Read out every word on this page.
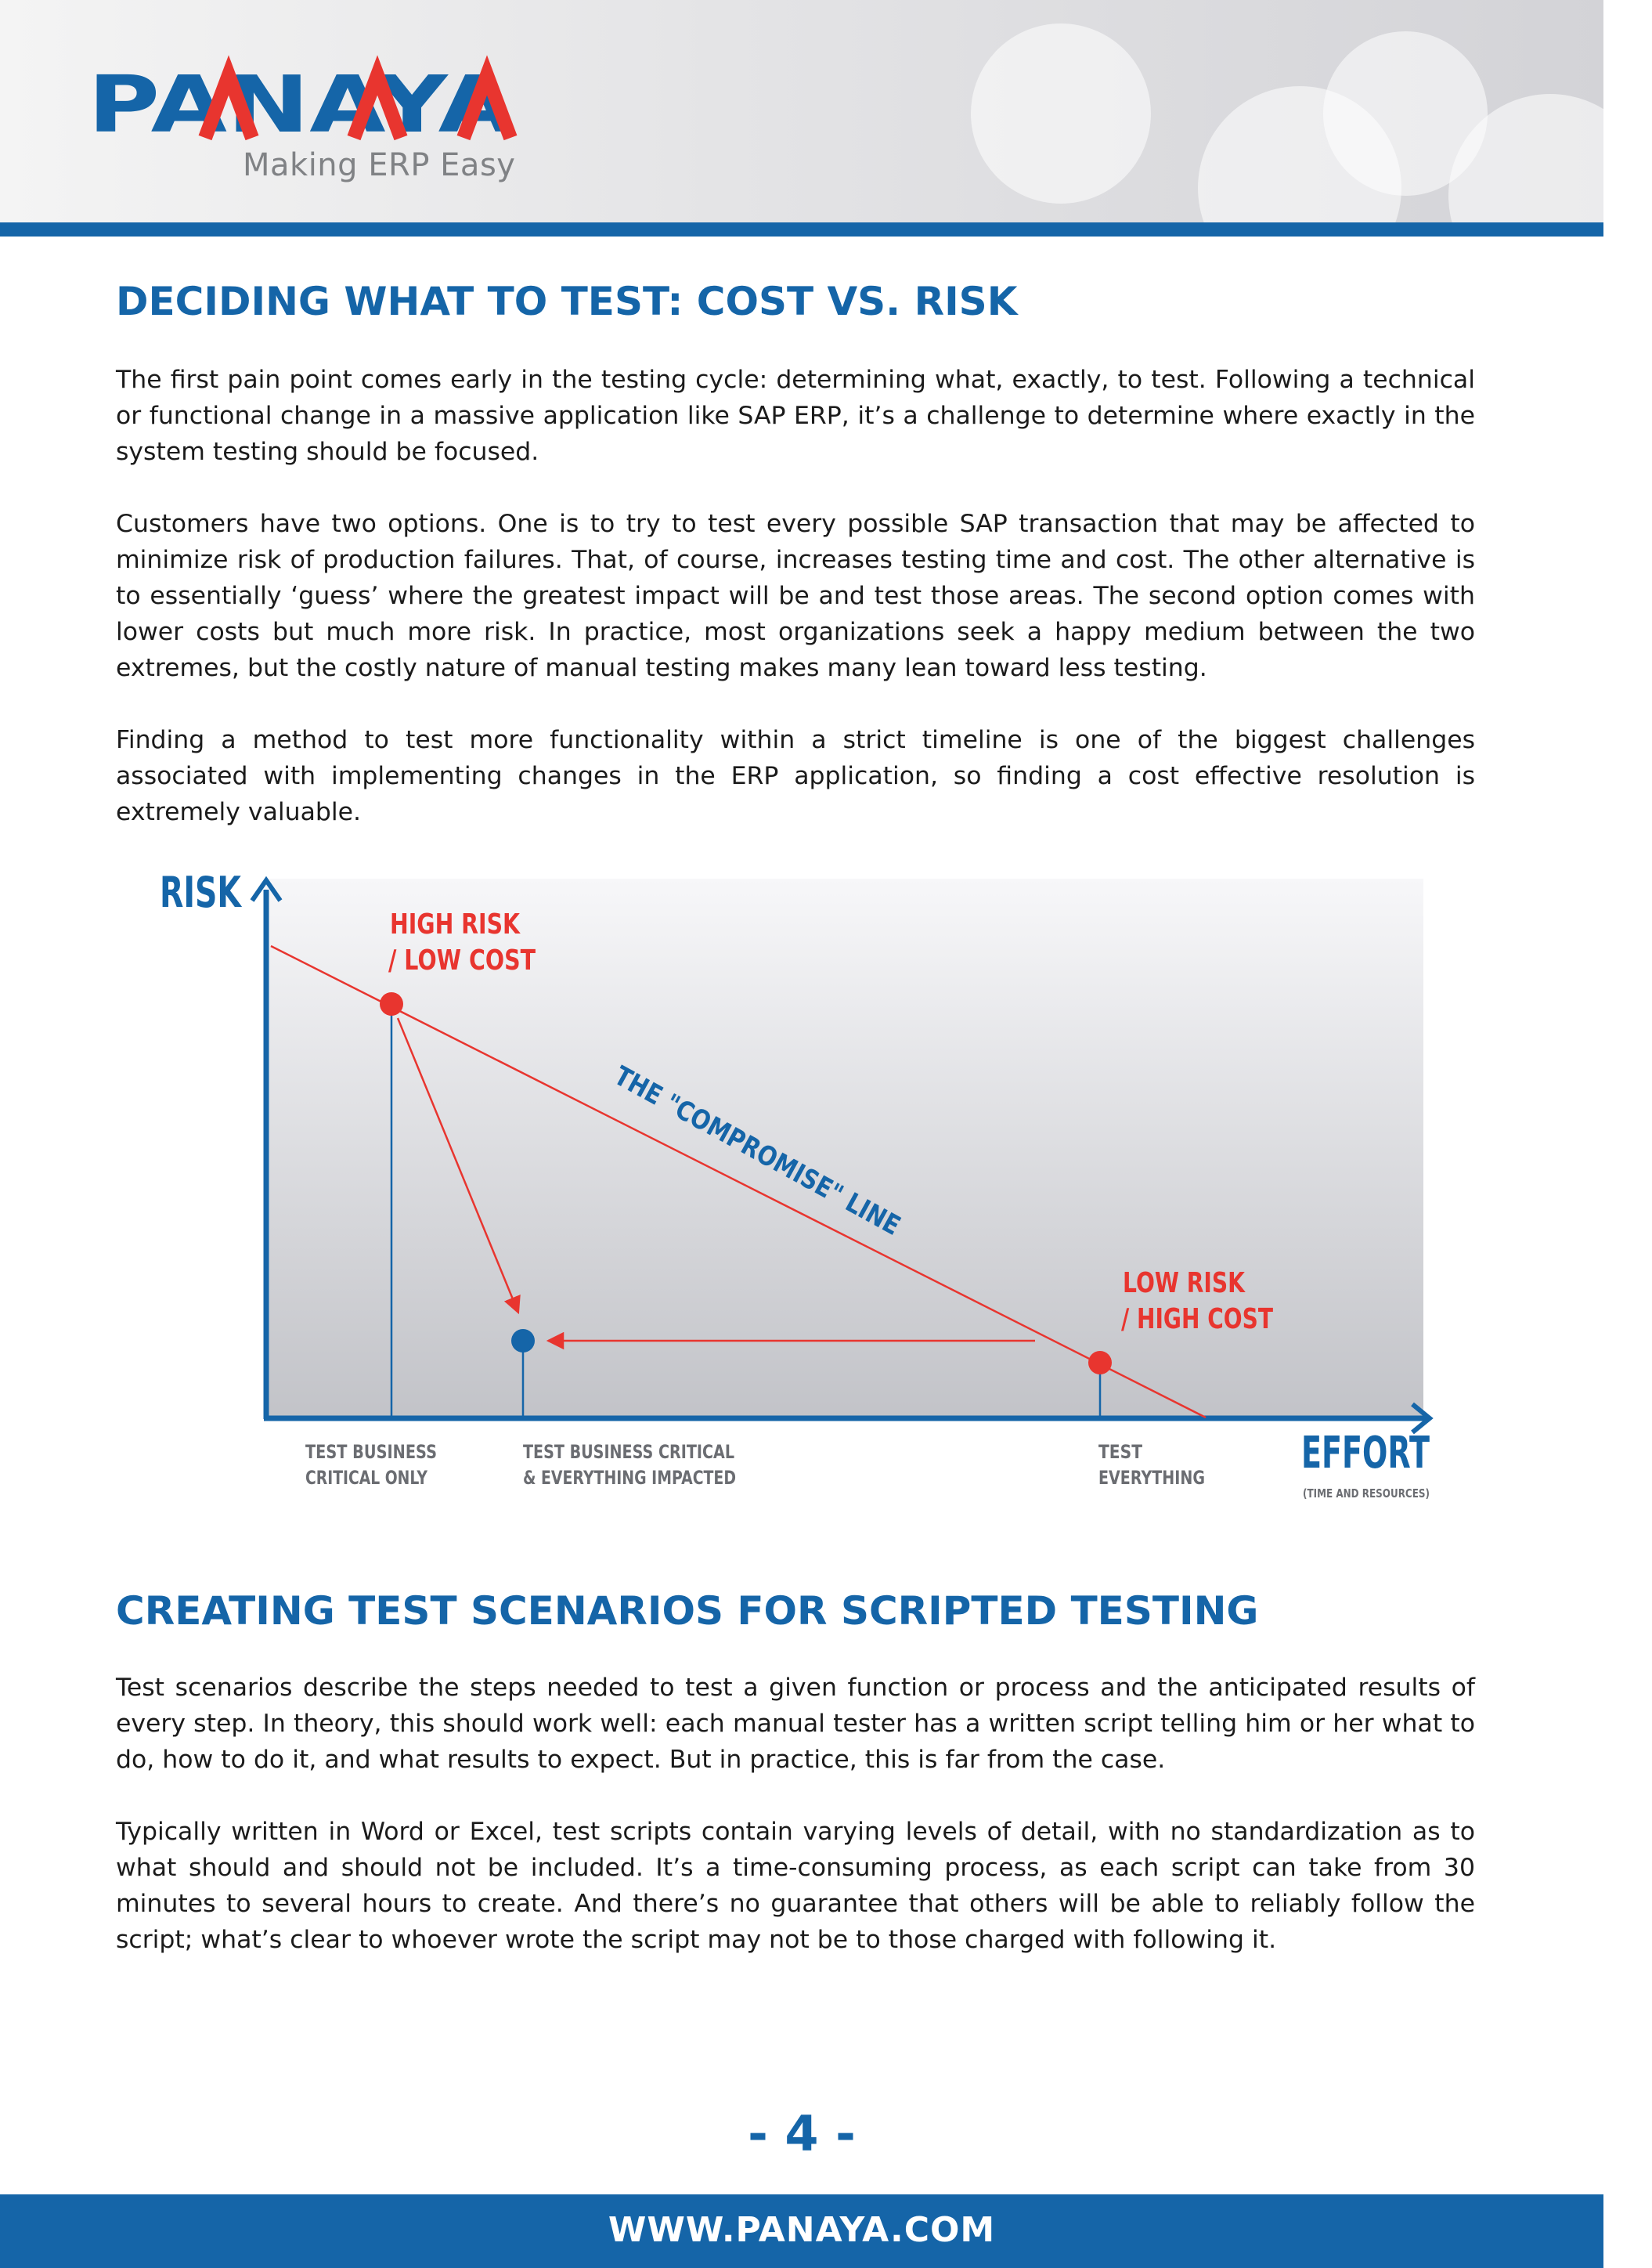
PANAYA
Making ERP Easy
DECIDING WHAT TO TEST: COST VS. RISK

The first pain point comes early in the testing cycle: determining what, exactly, to test. Following a technical or functional change in a massive application like SAP ERP, it’s a challenge to determine where exactly in the system testing should be focused.

Customers have two options. One is to try to test every possible SAP transaction that may be affected to minimize risk of production failures. That, of course, increases testing time and cost. The other alternative is to essentially ‘guess’ where the greatest impact will be and test those areas. The second option comes with lower costs but much more risk. In practice, most organizations seek a happy medium between the two extremes, but the costly nature of manual testing makes many lean toward less testing.

Finding a method to test more functionality within a strict timeline is one of the biggest challenges associated with implementing changes in the ERP application, so finding a cost effective resolution is extremely valuable.

RISK
EFFORT
(TIME AND RESOURCES)
THE "COMPROMISE" LINE
HIGH RISK
/ LOW COST
LOW RISK
/ HIGH COST
TEST BUSINESS
CRITICAL ONLY
TEST BUSINESS CRITICAL
& EVERYTHING IMPACTED
TEST
EVERYTHING
CREATING TEST SCENARIOS FOR SCRIPTED TESTING

Test scenarios describe the steps needed to test a given function or process and the anticipated results of every step. In theory, this should work well: each manual tester has a written script telling him or her what to do, how to do it, and what results to expect. But in practice, this is far from the case.

Typically written in Word or Excel, test scripts contain varying levels of detail, with no standardization as to what should and should not be included. It’s a time-consuming process, as each script can take from 30 minutes to several hours to create. And there’s no guarantee that others will be able to reliably follow the script; what’s clear to whoever wrote the script may not be to those charged with following it.

- 4 -
WWW.PANAYA.COM
